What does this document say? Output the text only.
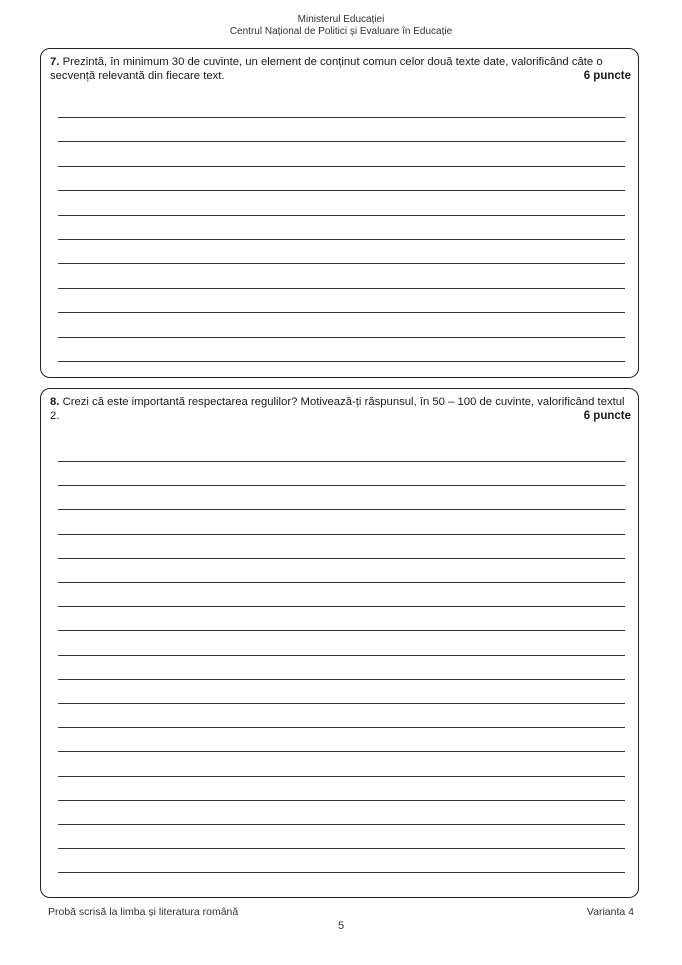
Ministerul Educației
Centrul Național de Politici și Evaluare în Educație
7. Prezintă, în minimum 30 de cuvinte, un element de conținut comun celor două texte date, valorificând câte o secvență relevantă din fiecare text.	6 puncte
8. Crezi că este importantă respectarea regulilor? Motivează-ți răspunsul, în 50 – 100 de cuvinte, valorificând textul 2.	6 puncte
Probă scrisă la limba și literatura română	Varianta 4
5
